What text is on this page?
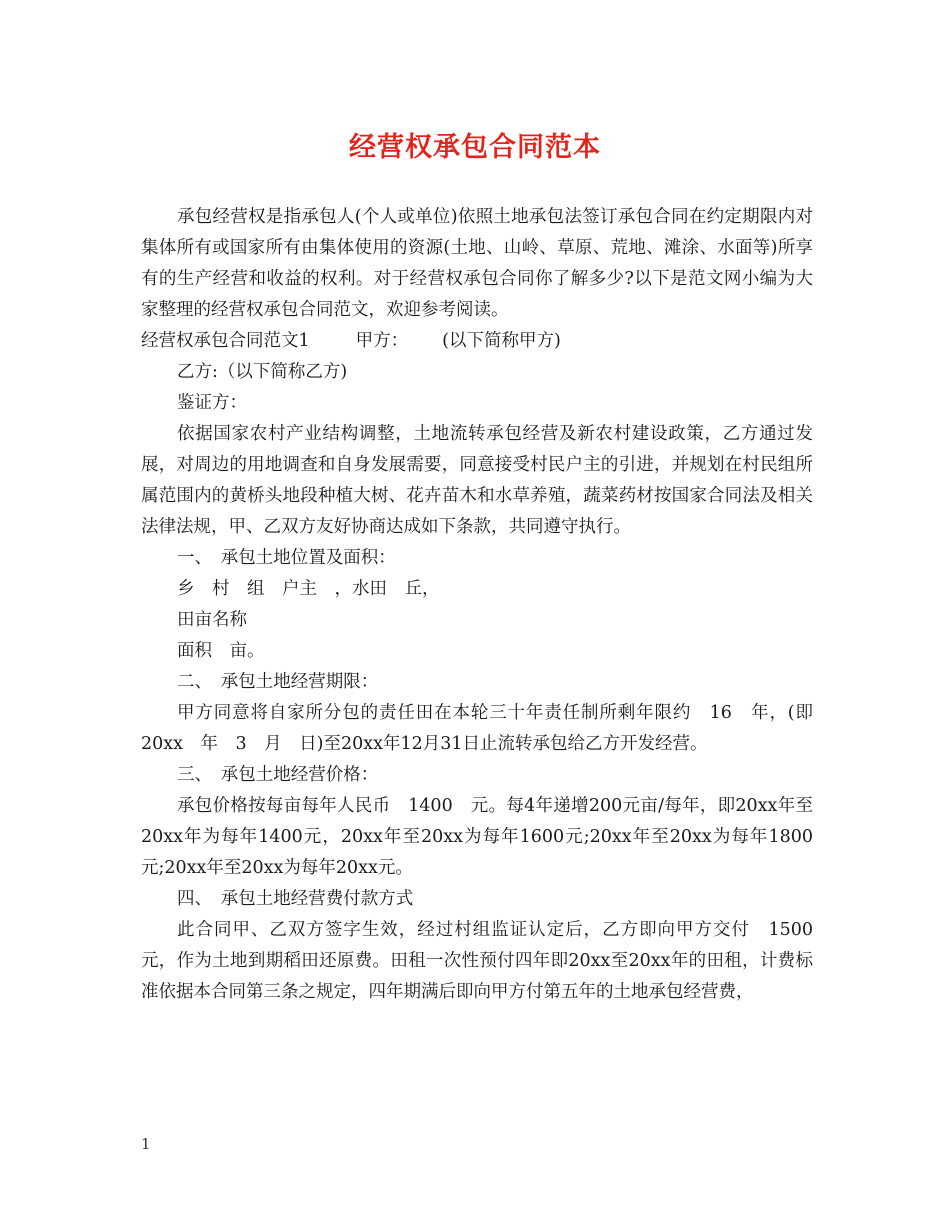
经营权承包合同范本

承包经营权是指承包人(个人或单位)依照土地承包法签订承包合同在约定期限内对集体所有或国家所有由集体使用的资源(土地、山岭、草原、荒地、滩涂、水面等)所享有的生产经营和收益的权利。对于经营权承包合同你了解多少?以下是范文网小编为大家整理的经营权承包合同范文，欢迎参考阅读。

经营权承包合同范文1	甲方： (以下简称甲方)

乙方:（以下简称乙方)

鉴证方：

依据国家农村产业结构调整，土地流转承包经营及新农村建设政策，乙方通过发展，对周边的用地调查和自身发展需要，同意接受村民户主的引进，并规划在村民组所属范围内的黄桥头地段种植大树、花卉苗木和水草养殖，蔬菜药材按国家合同法及相关法律法规，甲、乙双方友好协商达成如下条款，共同遵守执行。

一、　承包土地位置及面积：

乡　村　组　户主　，水田　丘，

田亩名称

面积　亩。

二、　承包土地经营期限：

甲方同意将自家所分包的责任田在本轮三十年责任制所剩年限约　16　年，(即20xx　年　3　月　日)至20xx年12月31日止流转承包给乙方开发经营。

三、　承包土地经营价格：

承包价格按每亩每年人民币　1400　元。每4年递增200元亩/每年，即20xx年至20xx年为每年1400元，20xx年至20xx为每年1600元;20xx年至20xx为每年1800元;20xx年至20xx为每年20xx元。

四、　承包土地经营费付款方式

此合同甲、乙双方签字生效，经过村组监证认定后，乙方即向甲方交付　1500　元，作为土地到期稻田还原费。田租一次性预付四年即20xx至20xx年的田租，计费标准依据本合同第三条之规定，四年期满后即向甲方付第五年的土地承包经营费，

1
